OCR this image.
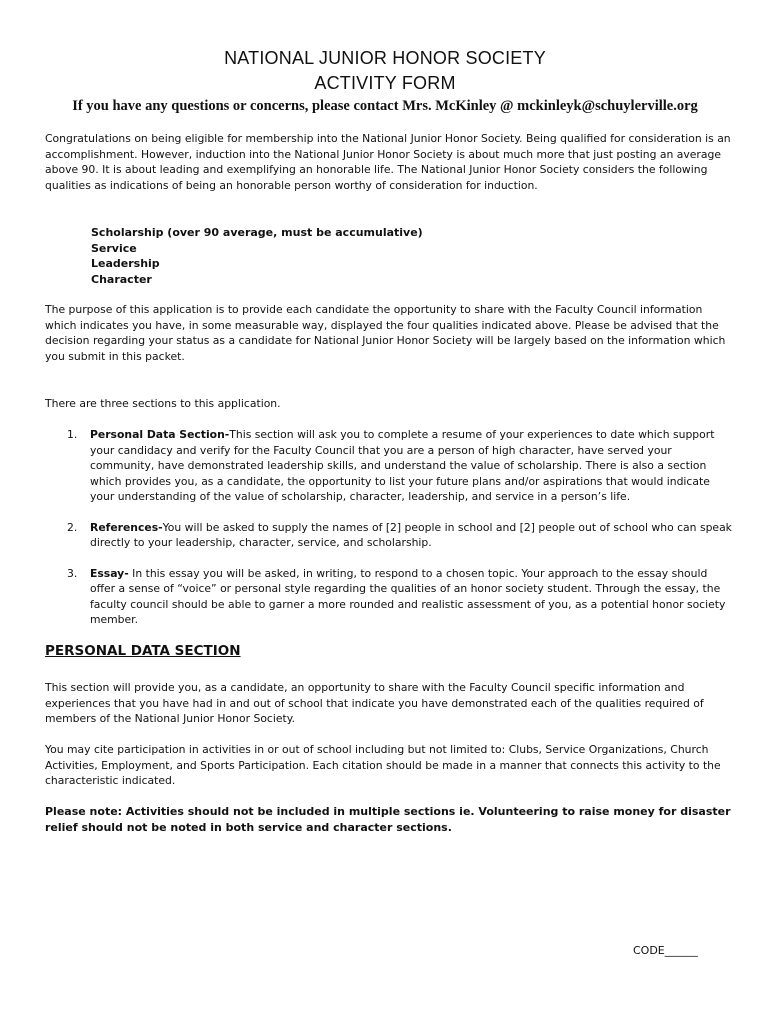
NATIONAL JUNIOR HONOR SOCIETY
ACTIVITY FORM
If you have any questions or concerns, please contact Mrs. McKinley @ mckinleyk@schuylerville.org

Congratulations on being eligible for membership into the National Junior Honor Society. Being qualified for consideration is an accomplishment. However, induction into the National Junior Honor Society is about much more that just posting an average above 90. It is about leading and exemplifying an honorable life. The National Junior Honor Society considers the following qualities as indications of being an honorable person worthy of consideration for induction.

Scholarship (over 90 average, must be accumulative)
Service
Leadership
Character

The purpose of this application is to provide each candidate the opportunity to share with the Faculty Council information which indicates you have, in some measurable way, displayed the four qualities indicated above. Please be advised that the decision regarding your status as a candidate for National Junior Honor Society will be largely based on the information which you submit in this packet.

There are three sections to this application.

1. Personal Data Section-This section will ask you to complete a resume of your experiences to date which support your candidacy and verify for the Faculty Council that you are a person of high character, have served your community, have demonstrated leadership skills, and understand the value of scholarship. There is also a section which provides you, as a candidate, the opportunity to list your future plans and/or aspirations that would indicate your understanding of the value of scholarship, character, leadership, and service in a person’s life.
2. References-You will be asked to supply the names of [2] people in school and [2] people out of school who can speak directly to your leadership, character, service, and scholarship.
3. Essay- In this essay you will be asked, in writing, to respond to a chosen topic. Your approach to the essay should offer a sense of “voice” or personal style regarding the qualities of an honor society student. Through the essay, the faculty council should be able to garner a more rounded and realistic assessment of you, as a potential honor society member.
PERSONAL DATA SECTION

This section will provide you, as a candidate, an opportunity to share with the Faculty Council specific information and experiences that you have had in and out of school that indicate you have demonstrated each of the qualities required of members of the National Junior Honor Society.

You may cite participation in activities in or out of school including but not limited to: Clubs, Service Organizations, Church Activities, Employment, and Sports Participation. Each citation should be made in a manner that connects this activity to the characteristic indicated.

Please note: Activities should not be included in multiple sections ie. Volunteering to raise money for disaster relief should not be noted in both service and character sections.

CODE______
